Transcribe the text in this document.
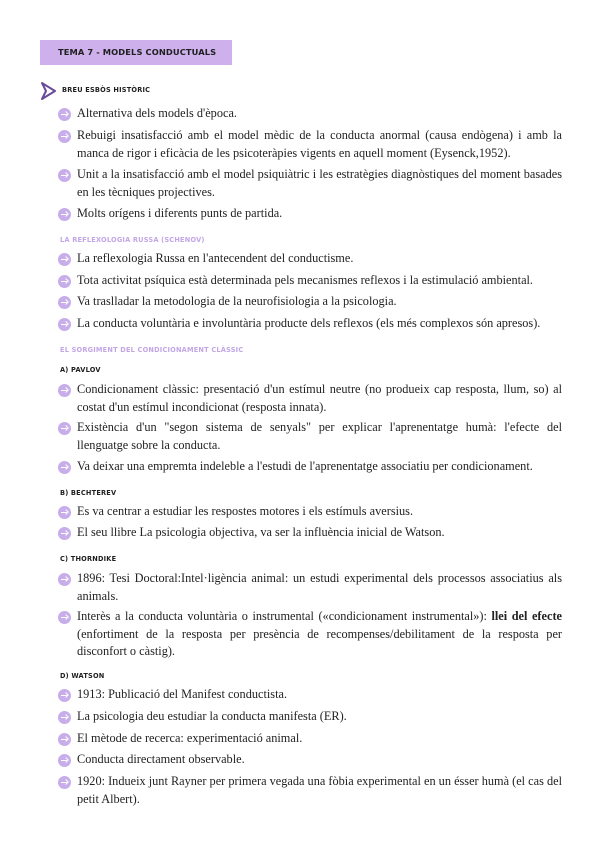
TEMA 7 - MODELS CONDUCTUALS
BREU ESBÒS HISTÒRIC
Alternativa dels models d'època.
Rebuigi insatisfacció amb el model mèdic de la conducta anormal (causa endògena) i amb la manca de rigor i eficàcia de les psicoteràpies vigents en aquell moment (Eysenck,1952).
Unit a la insatisfacció amb el model psiquiàtric i les estratègies diagnòstiques del moment basades en les tècniques projectives.
Molts orígens i diferents punts de partida.
LA REFLEXOLOGIA RUSSA (SCHENOV)
La reflexologia Russa en l'antecendent del conductisme.
Tota activitat psíquica està determinada pels mecanismes reflexos i la estimulació ambiental.
Va traslladar la metodologia de la neurofisiologia a la psicologia.
La conducta voluntària e involuntària producte dels reflexos (els més complexos són apresos).
EL SORGIMENT DEL CONDICIONAMENT CLÀSSIC
A) PAVLOV
Condicionament clàssic: presentació d'un estímul neutre (no produeix cap resposta, llum, so) al costat d'un estímul incondicionat (resposta innata).
Existència d'un "segon sistema de senyals" per explicar l'aprenentatge humà: l'efecte del llenguatge sobre la conducta.
Va deixar una empremta indeleble a l'estudi de l'aprenentatge associatiu per condicionament.
B) BECHTEREV
Es va centrar a estudiar les respostes motores i els estímuls aversius.
El seu llibre La psicologia objectiva, va ser la influència inicial de Watson.
C) THORNDIKE
1896: Tesi Doctoral:Intel·ligència animal: un estudi experimental dels processos associatius als animals.
Interès a la conducta voluntària o instrumental («condicionament instrumental»): llei del efecte (enfortiment de la resposta per presència de recompenses/debilitament de la resposta per disconfort o càstig).
D) WATSON
1913: Publicació del Manifest conductista.
La psicologia deu estudiar la conducta manifesta (ER).
El mètode de recerca: experimentació animal.
Conducta directament observable.
1920: Indueix junt Rayner per primera vegada una fòbia experimental en un ésser humà (el cas del petit Albert).
